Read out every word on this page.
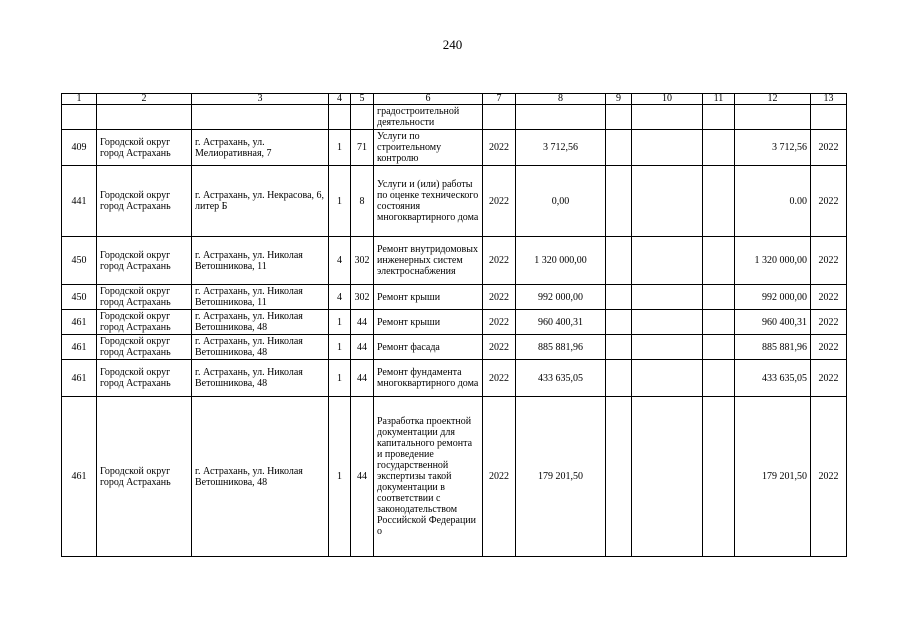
240
1	2	3	4	5	6	7	8	9	10	11	12	13
					градостроительной деятельности							
409	Городской округ город Астрахань	г. Астрахань, ул. Мелиоративная, 7	1	71	Услуги по строительному контролю	2022	3 712,56				3 712,56	2022
441	Городской округ город Астрахань	г. Астрахань, ул. Некрасова, 6, литер Б	1	8	Услуги и (или) работы по оценке технического состояния многоквартирного дома	2022	0,00				0.00	2022
450	Городской округ город Астрахань	г. Астрахань, ул. Николая Ветошникова, 11	4	302	Ремонт внутридомовых инженерных систем электроснабжения	2022	1 320 000,00				1 320 000,00	2022
450	Городской округ город Астрахань	г. Астрахань, ул. Николая Ветошникова, 11	4	302	Ремонт крыши	2022	992 000,00				992 000,00	2022
461	Городской округ город Астрахань	г. Астрахань, ул. Николая Ветошникова, 48	1	44	Ремонт крыши	2022	960 400,31				960 400,31	2022
461	Городской округ город Астрахань	г. Астрахань, ул. Николая Ветошникова, 48	1	44	Ремонт фасада	2022	885 881,96				885 881,96	2022
461	Городской округ город Астрахань	г. Астрахань, ул. Николая Ветошникова, 48	1	44	Ремонт фундамента многоквартирного дома	2022	433 635,05				433 635,05	2022
461	Городской округ город Астрахань	г. Астрахань, ул. Николая Ветошникова, 48	1	44	Разработка проектной документации для капитального ремонта и проведение государственной экспертизы такой документации в соответствии с законодательством Российской Федерации о	2022	179 201,50				179 201,50	2022
